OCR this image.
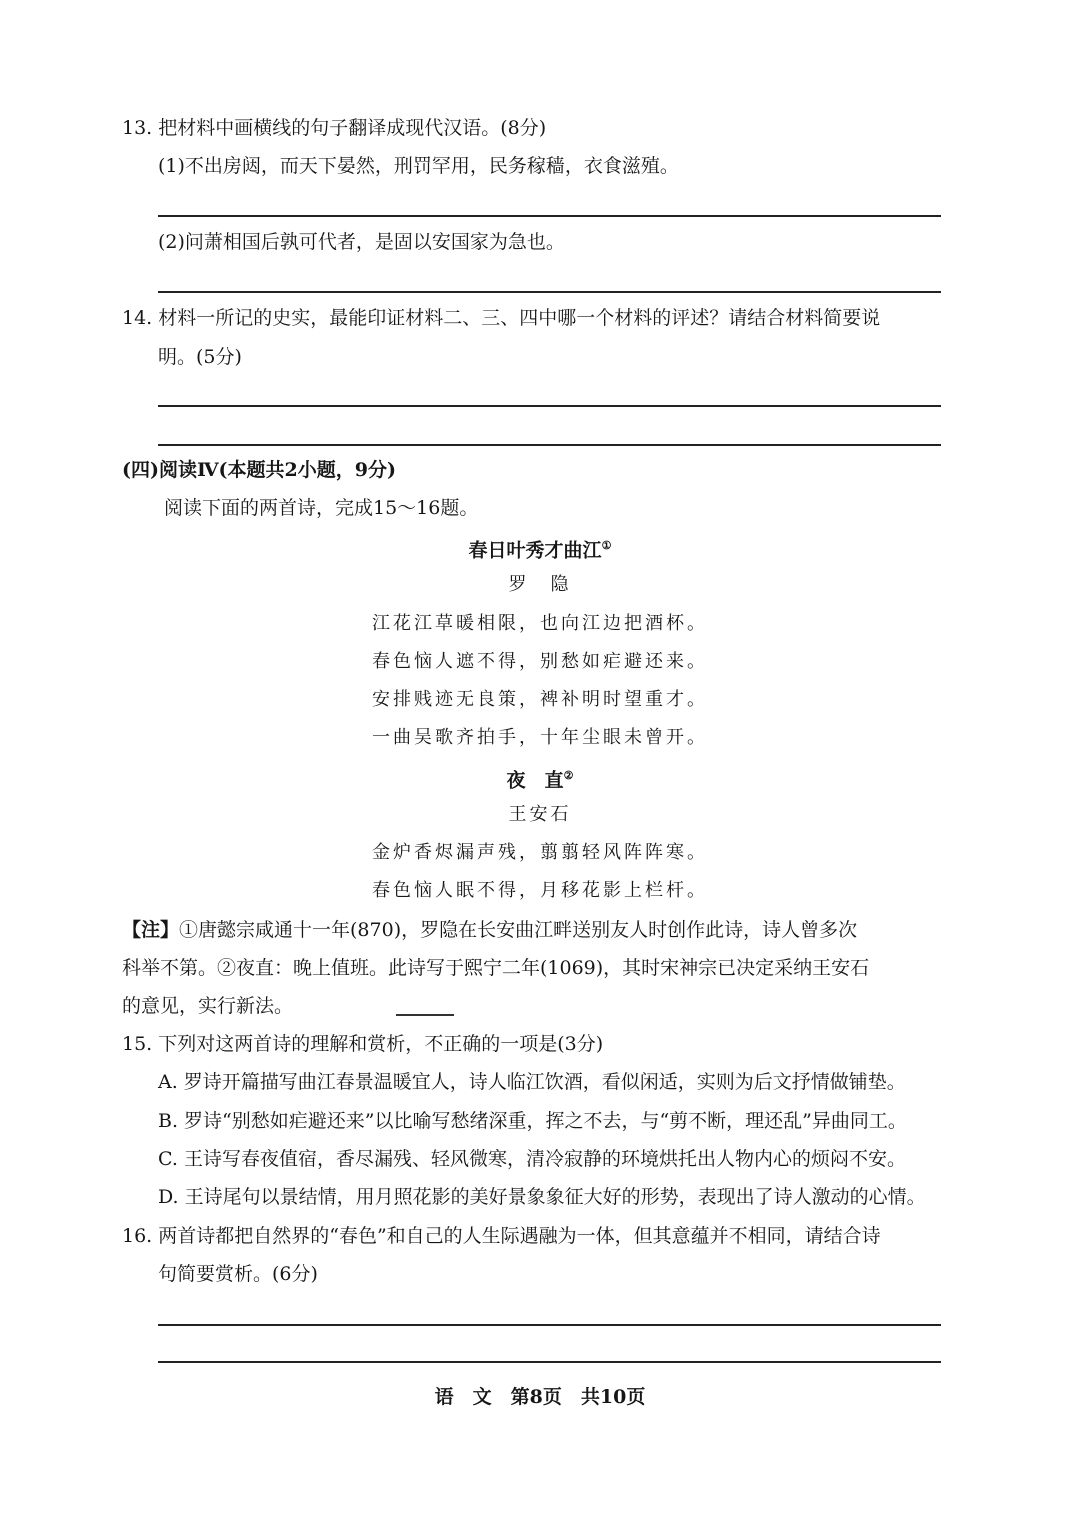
13. 把材料中画横线的句子翻译成现代汉语。(8分)
(1)不出房闼，而天下晏然，刑罚罕用，民务稼穑，衣食滋殖。
(2)问萧相国后孰可代者，是固以安国家为急也。
14. 材料一所记的史实，最能印证材料二、三、四中哪一个材料的评述？请结合材料简要说
明。(5分)
(四)阅读Ⅳ(本题共2小题，9分)
阅读下面的两首诗，完成15～16题。
春日叶秀才曲江①
罗　隐
江花江草暖相限，也向江边把酒杯。
春色恼人遮不得，别愁如疟避还来。
安排贱迹无良策，裨补明时望重才。
一曲吴歌齐拍手，十年尘眼未曾开。
夜　直②
王安石
金炉香烬漏声残，翦翦轻风阵阵寒。
春色恼人眠不得，月移花影上栏杆。
【注】①唐懿宗咸通十一年(870)，罗隐在长安曲江畔送别友人时创作此诗，诗人曾多次
科举不第。②夜直：晚上值班。此诗写于熙宁二年(1069)，其时宋神宗已决定采纳王安石
的意见，实行新法。
15. 下列对这两首诗的理解和赏析，不正确的一项是(3分)
A. 罗诗开篇描写曲江春景温暖宜人，诗人临江饮酒，看似闲适，实则为后文抒情做铺垫。
B. 罗诗“别愁如疟避还来”以比喻写愁绪深重，挥之不去，与“剪不断，理还乱”异曲同工。
C. 王诗写春夜值宿，香尽漏残、轻风微寒，清冷寂静的环境烘托出人物内心的烦闷不安。
D. 王诗尾句以景结情，用月照花影的美好景象象征大好的形势，表现出了诗人激动的心情。
16. 两首诗都把自然界的“春色”和自己的人生际遇融为一体，但其意蕴并不相同，请结合诗
句简要赏析。(6分)
语　文　第8页　共10页
